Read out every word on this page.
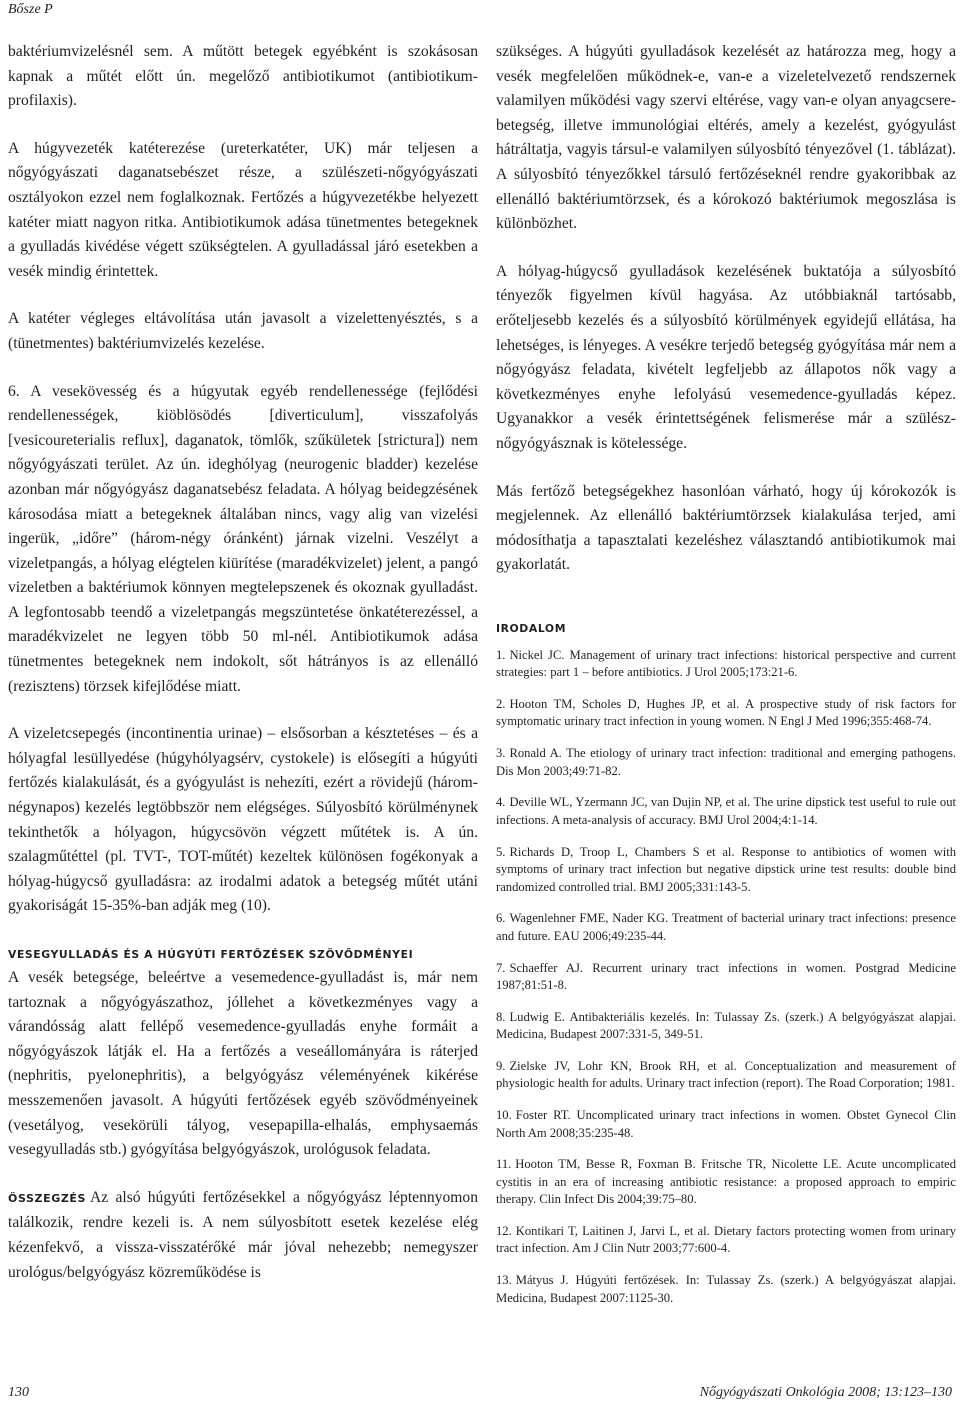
Bősze P

baktériumvizelésnél sem. A műtött betegek egyébként is szokásosan kapnak a műtét előtt ún. megelőző antibiotikumot (antibiotikum-profilaxis).

A húgyvezeték katéterezése (ureterkatéter, UK) már teljesen a nőgyógyászati daganatsebészet része, a szülészeti-nőgyógyászati osztályokon ezzel nem foglalkoznak. Fertőzés a húgyvezetékbe helyezett katéter miatt nagyon ritka. Antibiotikumok adása tünetmentes betegeknek a gyulladás kivédése végett szükségtelen. A gyulladással járó esetekben a vesék mindig érintettek.

A katéter végleges eltávolítása után javasolt a vizelettenyésztés, s a (tünetmentes) baktériumvizelés kezelése.

6. A vesekövesség és a húgyutak egyéb rendellenessége (fejlődési rendellenességek, kiöblösödés [diverticulum], visszafolyás [vesicoureterialis reflux], daganatok, tömlők, szűkületek [strictura]) nem nőgyógyászati terület. Az ún. ideghólyag (neurogenic bladder) kezelése azonban már nőgyógyász daganatsebész feladata. A hólyag beidegzésének károsodása miatt a betegeknek általában nincs, vagy alig van vizelési ingerük, „időre” (három-négy óránként) járnak vizelni. Veszélyt a vizeletpangás, a hólyag elégtelen kiürítése (maradékvizelet) jelent, a pangó vizeletben a baktériumok könnyen megtelepszenek és okoznak gyulladást. A legfontosabb teendő a vizeletpangás megszüntetése önkatéterezéssel, a maradékvizelet ne legyen több 50 ml-nél. Antibiotikumok adása tünetmentes betegeknek nem indokolt, sőt hátrányos is az ellenálló (rezisztens) törzsek kifejlődése miatt.

A vizeletcsepegés (incontinentia urinae) – elsősorban a késztetéses – és a hólyagfal lesüllyedése (húgyhólyagsérv, cystokele) is elősegíti a húgyúti fertőzés kialakulását, és a gyógyulást is nehezíti, ezért a rövidejű (három-négynapos) kezelés legtöbbször nem elégséges. Súlyosbító körülménynek tekinthetők a hólyagon, húgycsövön végzett műtétek is. A ún. szalagműtéttel (pl. TVT-, TOT-műtét) kezeltek különösen fogékonyak a hólyag-húgycső gyulladásra: az irodalmi adatok a betegség műtét utáni gyakoriságát 15-35%-ban adják meg (10).

VESEGYULLADÁS ÉS A HÚGYÚTI FERTŐZÉSEK SZÖVŐDMÉNYEI

A vesék betegsége, beleértve a vesemedence-gyulladást is, már nem tartoznak a nőgyógyászathoz, jóllehet a következményes vagy a várandósság alatt fellépő vesemedence-gyulladás enyhe formáit a nőgyógyászok látják el. Ha a fertőzés a veseállományára is ráterjed (nephritis, pyelonephritis), a belgyógyász véleményének kikérése messzemenően javasolt. A húgyúti fertőzések egyéb szövődményeinek (vesetályog, vesekörüli tályog, vesepapilla-elhalás, emphysaemás vesegyulladás stb.) gyógyítása belgyógyászok, urológusok feladata.

ÖSSZEGZÉS Az alsó húgyúti fertőzésekkel a nőgyógyász léptennyomon találkozik, rendre kezeli is. A nem súlyosbított esetek kezelése elég kézenfekvő, a vissza-visszatérőké már jóval nehezebb; nemegyszer urológus/belgyógyász közreműködése is

szükséges. A húgyúti gyulladások kezelését az határozza meg, hogy a vesék megfelelően működnek-e, van-e a vizeletelvezető rendszernek valamilyen működési vagy szervi eltérése, vagy van-e olyan anyagcsere-betegség, illetve immunológiai eltérés, amely a kezelést, gyógyulást hátráltatja, vagyis társul-e valamilyen súlyosbító tényezővel (1. táblázat). A súlyosbító tényezőkkel társuló fertőzéseknél rendre gyakoribbak az ellenálló baktériumtörzsek, és a kórokozó baktériumok megoszlása is különbözhet.

A hólyag-húgycső gyulladások kezelésének buktatója a súlyosbító tényezők figyelmen kívül hagyása. Az utóbbiaknál tartósabb, erőteljesebb kezelés és a súlyosbító körülmények egyidejű ellátása, ha lehetséges, is lényeges. A vesékre terjedő betegség gyógyítása már nem a nőgyógyász feladata, kivételt legfeljebb az állapotos nők vagy a következményes enyhe lefolyású vesemedence-gyulladás képez. Ugyanakkor a vesék érintettségének felismerése már a szülész-nőgyógyásznak is kötelessége.

Más fertőző betegségekhez hasonlóan várható, hogy új kórokozók is megjelennek. Az ellenálló baktériumtörzsek kialakulása terjed, ami módosíthatja a tapasztalati kezeléshez választandó antibiotikumok mai gyakorlatát.

IRODALOM
1. Nickel JC. Management of urinary tract infections: historical perspective and current strategies: part 1 – before antibiotics. J Urol 2005;173:21-6.
2. Hooton TM, Scholes D, Hughes JP, et al. A prospective study of risk factors for symptomatic urinary tract infection in young women. N Engl J Med 1996;355:468-74.
3. Ronald A. The etiology of urinary tract infection: traditional and emerging pathogens. Dis Mon 2003;49:71-82.
4. Deville WL, Yzermann JC, van Dujin NP, et al. The urine dipstick test useful to rule out infections. A meta-analysis of accuracy. BMJ Urol 2004;4:1-14.
5. Richards D, Troop L, Chambers S et al. Response to antibiotics of women with symptoms of urinary tract infection but negative dipstick urine test results: double bind randomized controlled trial. BMJ 2005;331:143-5.
6. Wagenlehner FME, Nader KG. Treatment of bacterial urinary tract infections: presence and future. EAU 2006;49:235-44.
7. Schaeffer AJ. Recurrent urinary tract infections in women. Postgrad Medicine 1987;81:51-8.
8. Ludwig E. Antibakteriális kezelés. In: Tulassay Zs. (szerk.) A belgyógyászat alapjai. Medicina, Budapest 2007:331-5, 349-51.
9. Zielske JV, Lohr KN, Brook RH, et al. Conceptualization and measurement of physiologic health for adults. Urinary tract infection (report). The Road Corporation; 1981.
10. Foster RT. Uncomplicated urinary tract infections in women. Obstet Gynecol Clin North Am 2008;35:235-48.
11. Hooton TM, Besse R, Foxman B. Fritsche TR, Nicolette LE. Acute uncomplicated cystitis in an era of increasing antibiotic resistance: a proposed approach to empiric therapy. Clin Infect Dis 2004;39:75–80.
12. Kontikari T, Laitinen J, Jarvi L, et al. Dietary factors protecting women from urinary tract infection. Am J Clin Nutr 2003;77:600-4.
13. Mátyus J. Húgyúti fertőzések. In: Tulassay Zs. (szerk.) A belgyógyászat alapjai. Medicina, Budapest 2007:1125-30.
130	Nőgyógyászati Onkológia 2008; 13:123–130
